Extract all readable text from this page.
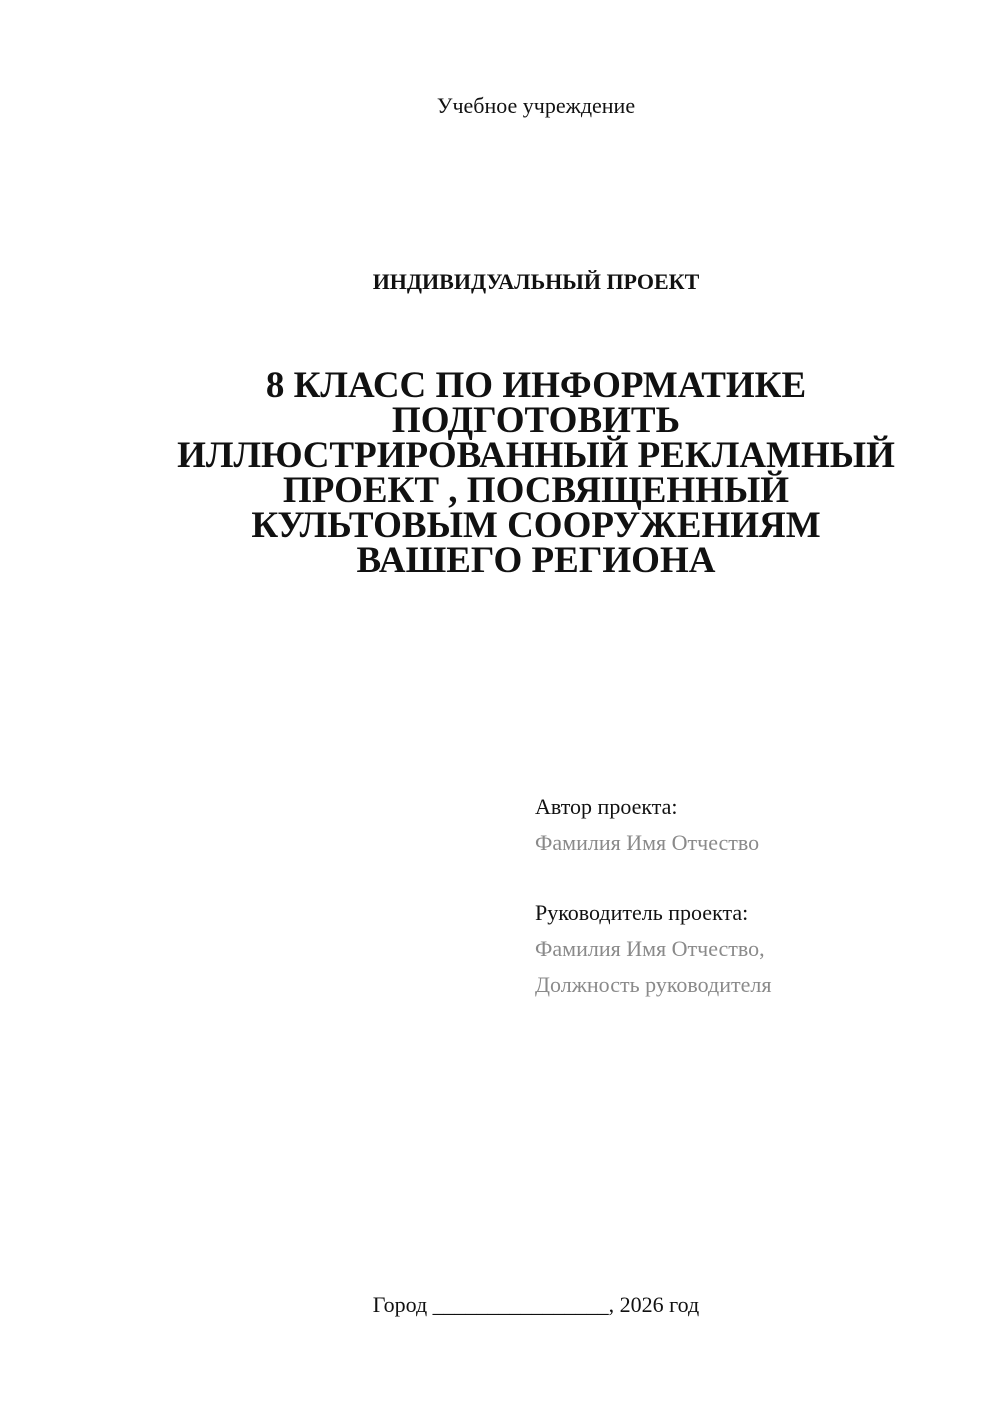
Учебное учреждение
ИНДИВИДУАЛЬНЫЙ ПРОЕКТ
8 КЛАСС ПО ИНФОРМАТИКЕ
ПОДГОТОВИТЬ
ИЛЛЮСТРИРОВАННЫЙ РЕКЛАМНЫЙ
ПРОЕКТ , ПОСВЯЩЕННЫЙ
КУЛЬТОВЫМ СООРУЖЕНИЯМ
ВАШЕГО РЕГИОНА
Автор проекта:
Фамилия Имя Отчество
Руководитель проекта:
Фамилия Имя Отчество,
Должность руководителя
Город ________________, 2026 год
